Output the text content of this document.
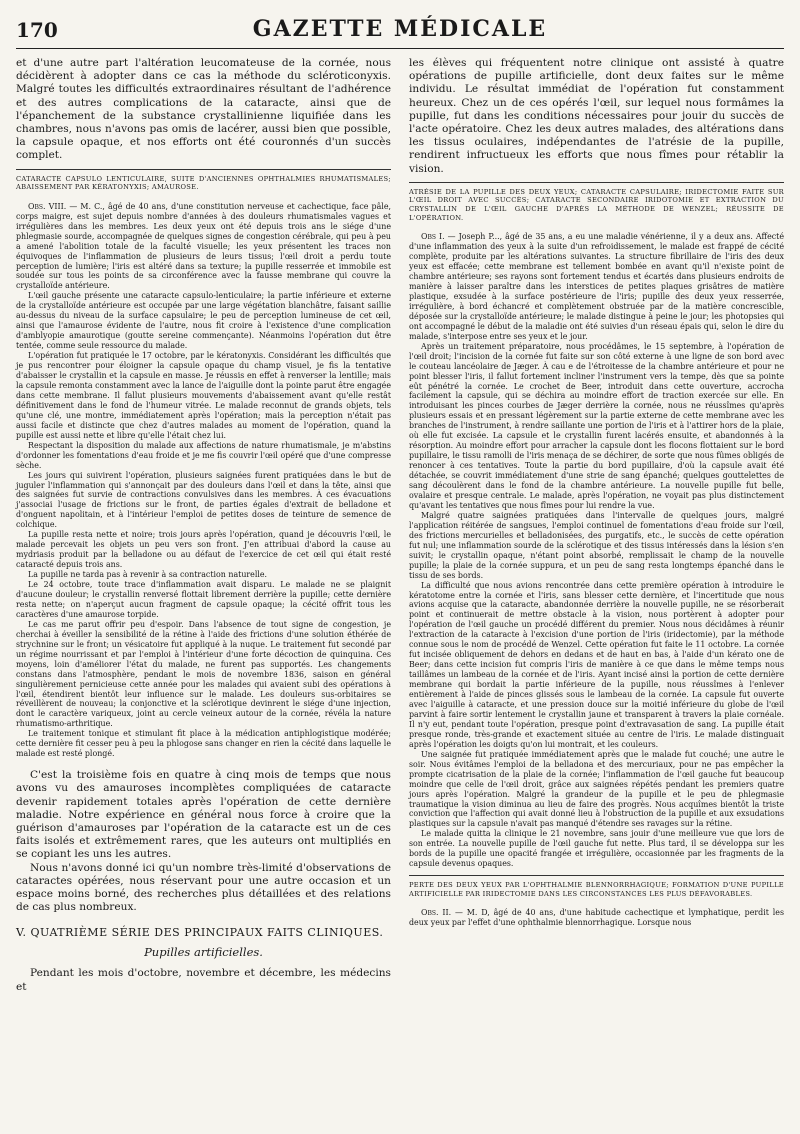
170	GAZETTE MÉDICALE

et d'une autre part l'altération leucomateuse de la cornée, nous décidèrent à adopter dans ce cas la méthode du scléroticonyxis. Malgré toutes les difficultés extraordinaires résultant de l'adhérence et des autres complications de la cataracte, ainsi que de l'épanchement de la substance crystallinienne liquifiée dans les chambres, nous n'avons pas omis de lacérer, aussi bien que possible, la capsule opaque, et nos efforts ont été couronnés d'un succès complet.

CATARACTE CAPSULO LENTICULAIRE, SUITE D'ANCIENNES OPHTHALMIES RHUMATISMALES; ABAISSEMENT PAR KÉRATONYXIS; AMAUROSE.

Obs. VIII. — M. C., âgé de 40 ans, d'une constitution nerveuse et cachectique, face pâle, corps maigre, est sujet depuis nombre d'années à des douleurs rhumatismales vagues et irrégulières dans les membres. Les deux yeux ont été depuis trois ans le siége d'une phlegmasie sourde, accompagnée de quelques signes de congestion cérébrale, qui peu à peu a amené l'abolition totale de la faculté visuelle; les yeux présentent les traces non équivoques de l'inflammation de plusieurs de leurs tissus; l'œil droit a perdu toute perception de lumière; l'iris est altéré dans sa texture; la pupille resserrée et immobile est soudée sur tous les points de sa circonférence avec la fausse membrane qui couvre la crystalloïde antérieure.

L'œil gauche présente une cataracte capsulo-lenticulaire; la partie inférieure et externe de la crystalloïde antérieure est occupée par une large végétation blanchâtre, faisant saillie au-dessus du niveau de la surface capsulaire; le peu de perception lumineuse de cet œil, ainsi que l'amaurose évidente de l'autre, nous fit croire à l'existence d'une complication d'amblyopie amaurotique (goutte sereine commençante). Néanmoins l'opération dut être tentée, comme seule ressource du malade.

L'opération fut pratiquée le 17 octobre, par le kératonyxis. Considérant les difficultés que je pus rencontrer pour éloigner la capsule opaque du champ visuel, je fis la tentative d'abaisser le crystallin et la capsule en masse. Je réussis en effet à renverser la lentille; mais la capsule remonta constamment avec la lance de l'aiguille dont la pointe parut être engagée dans cette membrane. Il fallut plusieurs mouvements d'abaissement avant qu'elle restât définitivement dans le fond de l'humeur vitrée. Le malade reconnut de grands objets, tels qu'une clé, une montre, immédiatement après l'opération; mais la perception n'était pas aussi facile et distincte que chez d'autres malades au moment de l'opération, quand la pupille est aussi nette et libre qu'elle l'était chez lui.

Respectant la disposition du malade aux affections de nature rhumatismale, je m'abstins d'ordonner les fomentations d'eau froide et je me fis couvrir l'œil opéré que d'une compresse sèche.

Les jours qui suivirent l'opération, plusieurs saignées furent pratiquées dans le but de juguler l'inflammation qui s'annonçait par des douleurs dans l'œil et dans la tête, ainsi que des saignées fut survie de contractions convulsives dans les membres. À ces évacuations j'associai l'usage de frictions sur le front, de parties égales d'extrait de belladone et d'onguent napolitain, et à l'intérieur l'emploi de petites doses de teinture de semence de colchique.

La pupille resta nette et noire; trois jours après l'opération, quand je découvris l'œil, le malade percevait les objets un peu vers son front. J'en attribuai d'abord la cause au mydriasis produit par la belladone ou au défaut de l'exercice de cet œil qui était resté cataracté depuis trois ans.

La pupille ne tarda pas à revenir à sa contraction naturelle.

Le 24 octobre, toute trace d'inflammation avait disparu. Le malade ne se plaignit d'aucune douleur; le crystallin renversé flottait librement derrière la pupille; cette dernière resta nette; on n'aperçut aucun fragment de capsule opaque; la cécité offrit tous les caractères d'une amaurose torpide.

Le cas me parut offrir peu d'espoir. Dans l'absence de tout signe de congestion, je cherchai à éveiller la sensibilité de la rétine à l'aide des frictions d'une solution éthérée de strychnine sur le front; un vésicatoire fut appliqué à la nuque. Le traitement fut secondé par un régime nourrissant et par l'emploi à l'intérieur d'une forte décoction de quinquina. Ces moyens, loin d'améliorer l'état du malade, ne furent pas supportés. Les changements constans dans l'atmosphère, pendant le mois de novembre 1836, saison en général singulièrement pernicieuse cette année pour les malades qui avaient subi des opérations à l'œil, étendirent bientôt leur influence sur le malade. Les douleurs sus-orbitaires se réveillèrent de nouveau; la conjonctive et la sclérotique devinrent le siége d'une injection, dont le caractère variqueux, joint au cercle veineux autour de la cornée, révéla la nature rhumatismo-arthritique.

Le traitement tonique et stimulant fit place à la médication antiphlogistique modérée; cette dernière fit cesser peu à peu la phlogose sans changer en rien la cécité dans laquelle le malade est resté plongé.

C'est la troisième fois en quatre à cinq mois de temps que nous avons vu des amauroses incomplètes compliquées de cataracte devenir rapidement totales après l'opération de cette dernière maladie. Notre expérience en général nous force à croire que la guérison d'amauroses par l'opération de la cataracte est un de ces faits isolés et extrêmement rares, que les auteurs ont multipliés en se copiant les uns les autres.

Nous n'avons donné ici qu'un nombre très-limité d'observations de cataractes opérées, nous réservant pour une autre occasion et un espace moins borné, des recherches plus détaillées et des relations de cas plus nombreux.

V. QUATRIÈME SÉRIE DES PRINCIPAUX FAITS CLINIQUES.
Pupilles artificielles.

Pendant les mois d'octobre, novembre et décembre, les médecins et

les élèves qui fréquentent notre clinique ont assisté à quatre opérations de pupille artificielle, dont deux faites sur le même individu. Le résultat immédiat de l'opération fut constamment heureux. Chez un de ces opérés l'œil, sur lequel nous formâmes la pupille, fut dans les conditions nécessaires pour jouir du succès de l'acte opératoire. Chez les deux autres malades, des altérations dans les tissus oculaires, indépendantes de l'atrésie de la pupille, rendirent infructueux les efforts que nous fîmes pour rétablir la vision.

ATRÉSIE DE LA PUPILLE DES DEUX YEUX; CATARACTE CAPSULAIRE; IRIDECTOMIE FAITE SUR L'ŒIL DROIT AVEC SUCCÈS; CATARACTE SECONDAIRE IRIDOTOMIE ET EXTRACTION DU CRYSTALLIN DE L'ŒIL GAUCHE D'APRÈS LA MÉTHODE DE WENZEL; RÉUSSITE DE L'OPÉRATION.

Obs I. — Joseph P..., âgé de 35 ans, a eu une maladie vénérienne, il y a deux ans. Affecté d'une inflammation des yeux à la suite d'un refroidissement, le malade est frappé de cécité complète, produite par les altérations suivantes. La structure fibrillaire de l'iris des deux yeux est effacée; cette membrane est tellement bombée en avant qu'il n'existe point de chambre antérieure; ses rayons sont fortement tendus et écartés dans plusieurs endroits de manière à laisser paraître dans les interstices de petites plaques grisâtres de matière plastique, exsudée à la surface postérieure de l'iris; pupille des deux yeux resserrée, irrégulière, à bord échancré et complètement obstruée par de la matière concrescible, déposée sur la crystalloïde antérieure; le malade distingue à peine le jour; les photopsies qui ont accompagné le début de la maladie ont été suivies d'un réseau épais qui, selon le dire du malade, s'interpose entre ses yeux et le jour.

Après un traitement préparatoire, nous procédâmes, le 15 septembre, à l'opération de l'œil droit; l'incision de la cornée fut faite sur son côté externe à une ligne de son bord avec le couteau lancéolaire de Jæger. À cau e de l'étroitesse de la chambre antérieure et pour ne point blesser l'iris, il fallut fortement incliner l'instrument vers la tempe, dès que sa pointe eût pénétré la cornée. Le crochet de Beer, introduit dans cette ouverture, accrocha facilement la capsule, qui se déchira au moindre effort de traction exercée sur elle. En introduisant les pinces courbes de Jæger derrière la cornée, nous ne réussîmes qu'après plusieurs essais et en pressant légèrement sur la partie externe de cette membrane avec les branches de l'instrument, à rendre saillante une portion de l'iris et à l'attirer hors de la plaie, où elle fut excisée. La capsule et le crystallin furent lacérés ensuite, et abandonnés à la résorption. Au moindre effort pour arracher la capsule dont les flocons flottaient sur le bord pupillaire, le tissu ramolli de l'iris menaça de se déchirer, de sorte que nous fûmes obligés de renoncer à ces tentatives. Toute la partie du bord pupillaire, d'où la capsule avait été détachée, se couvrit immédiatement d'une strie de sang épanché; quelques gouttelettes de sang découlèrent dans le fond de la chambre antérieure. La nouvelle pupille fut belle, ovalaire et presque centrale. Le malade, après l'opération, ne voyait pas plus distinctement qu'avant les tentatives que nous fîmes pour lui rendre la vue.

Malgré quatre saignées pratiquées dans l'intervalle de quelques jours, malgré l'application réitérée de sangsues, l'emploi continuel de fomentations d'eau froide sur l'œil, des frictions mercurielles et belladonisées, des purgatifs, etc., le succès de cette opération fut nul; une inflammation sourde de la sclérotique et des tissus intéressés dans la lésion s'en suivit; le crystallin opaque, n'étant point absorbé, remplissait le champ de la nouvelle pupille; la plaie de la cornée suppura, et un peu de sang resta longtemps épanché dans le tissu de ses bords.

La difficulté que nous avions rencontrée dans cette première opération à introduire le kératotome entre la cornée et l'iris, sans blesser cette dernière, et l'incertitude que nous avions acquise que la cataracte, abandonnée derrière la nouvelle pupille, ne se résorberait point et continuerait de mettre obstacle à la vision, nous portèrent à adopter pour l'opération de l'œil gauche un procédé différent du premier. Nous nous décidâmes à réunir l'extraction de la cataracte à l'excision d'une portion de l'iris (iridectomie), par la méthode connue sous le nom de procédé de Wenzel. Cette opération fut faite le 11 octobre. La cornée fut incisée obliquement de dehors en dedans et de haut en bas, à l'aide d'un kérato one de Beer; dans cette incision fut compris l'iris de manière à ce que dans le même temps nous taillâmes un lambeau de la cornée et de l'iris. Ayant incisé ainsi la portion de cette dernière membrane qui bordait la partie inférieure de la pupille, nous réussîmes à l'enlever entièrement à l'aide de pinces glissés sous le lambeau de la cornée. La capsule fut ouverte avec l'aiguille à cataracte, et une pression douce sur la moitié inférieure du globe de l'œil parvint à faire sortir lentement le crystallin jaune et transparent à travers la plaie cornéale. Il n'y eut, pendant toute l'opération, presque point d'extravasation de sang. La pupille était presque ronde, très-grande et exactement située au centre de l'iris. Le malade distinguait après l'opération les doigts qu'on lui montrait, et les couleurs.

Une saignée fut pratiquée immédiatement après que le malade fut couché; une autre le soir. Nous évitâmes l'emploi de la belladona et des mercuriaux, pour ne pas empêcher la prompte cicatrisation de la plaie de la cornée; l'inflammation de l'œil gauche fut beaucoup moindre que celle de l'œil droit, grâce aux saignées répétés pendant les premiers quatre jours après l'opération. Malgré la grandeur de la pupille et le peu de phlegmasie traumatique la vision diminua au lieu de faire des progrès. Nous acquîmes bientôt la triste conviction que l'affection qui avait donné lieu à l'obstruction de la pupille et aux exsudations plastiques sur la capsule n'avait pas manqué d'étendre ses ravages sur la rétine.

Le malade quitta la clinique le 21 novembre, sans jouir d'une meilleure vue que lors de son entrée. La nouvelle pupille de l'œil gauche fut nette. Plus tard, il se développa sur les bords de la pupille une opacité frangée et irrégulière, occasionnée par les fragments de la capsule devenus opaques.

PERTE DES DEUX YEUX PAR L'OPHTHALMIE BLENNORRHAGIQUE; FORMATION D'UNE PUPILLE ARTIFICIELLE PAR IRIDECTOMIE DANS LES CIRCONSTANCES LES PLUS DÉFAVORABLES.

Obs. II. — M. D, âgé de 40 ans, d'une habitude cachectique et lymphatique, perdit les deux yeux par l'effet d'une ophthalmie blennorrhagique. Lorsque nous
